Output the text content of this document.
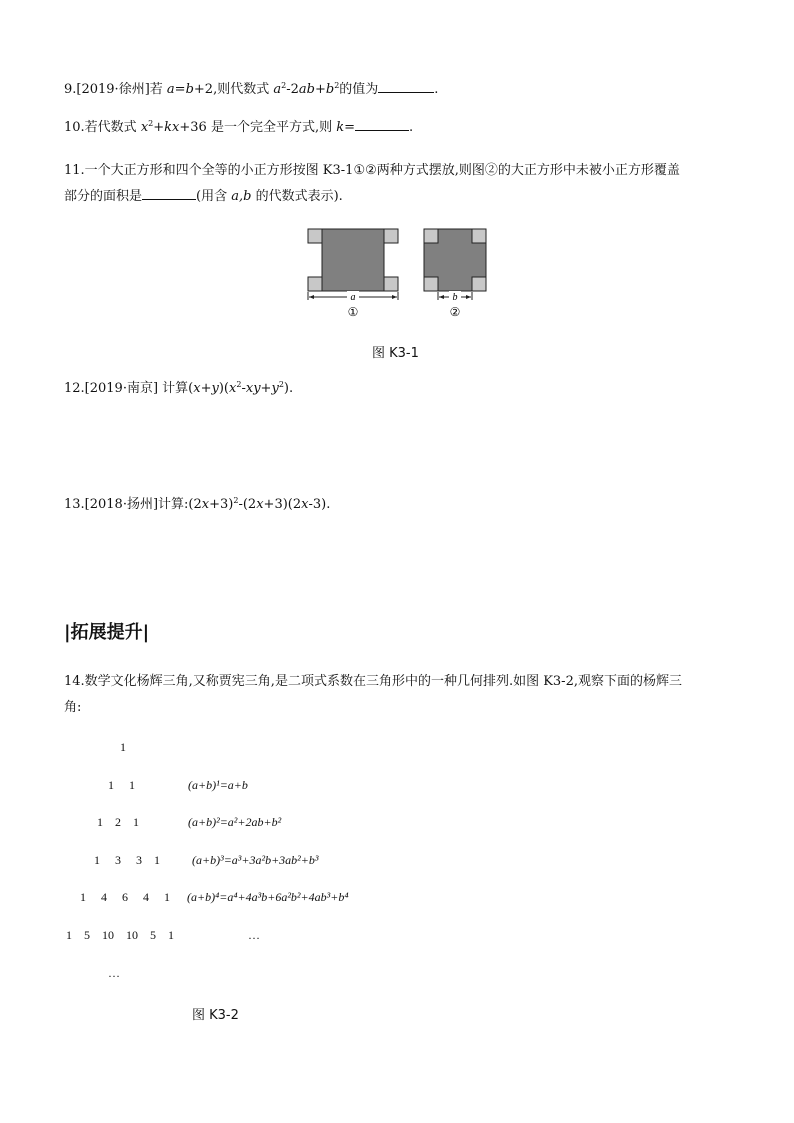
9.[2019·徐州]若 a=b+2,则代数式 $a^2-2ab+b^2$的值为	.
10.若代数式 $x^2+kx+36$ 是一个完全平方式,则 k=	.
11.一个大正方形和四个全等的小正方形按图 K3-1①②两种方式摆放,则图②的大正方形中未被小正方形覆盖
部分的面积是	(用含 a,b 的代数式表示).
a
①
b
②
图 K3-1
12.[2019·南京] 计算$(x+y)(x^2-xy+y^2)$.
13.[2018·扬州]计算$:(2x+3)^2-(2x+3)(2x-3)$.
|拓展提升|
14.数学文化杨辉三角,又称贾宪三角,是二项式系数在三角形中的一种几何排列.如图 K3-2,观察下面的杨辉三
角:
1
1     1
1    2    1
1     3     3    1
1     4     6     4     1
1    5    10    10    5    1
…
(a+b)¹=a+b
(a+b)²=a²+2ab+b²
(a+b)³=a³+3a²b+3ab²+b³
(a+b)⁴=a⁴+4a³b+6a²b²+4ab³+b⁴
…
图 K3-2
